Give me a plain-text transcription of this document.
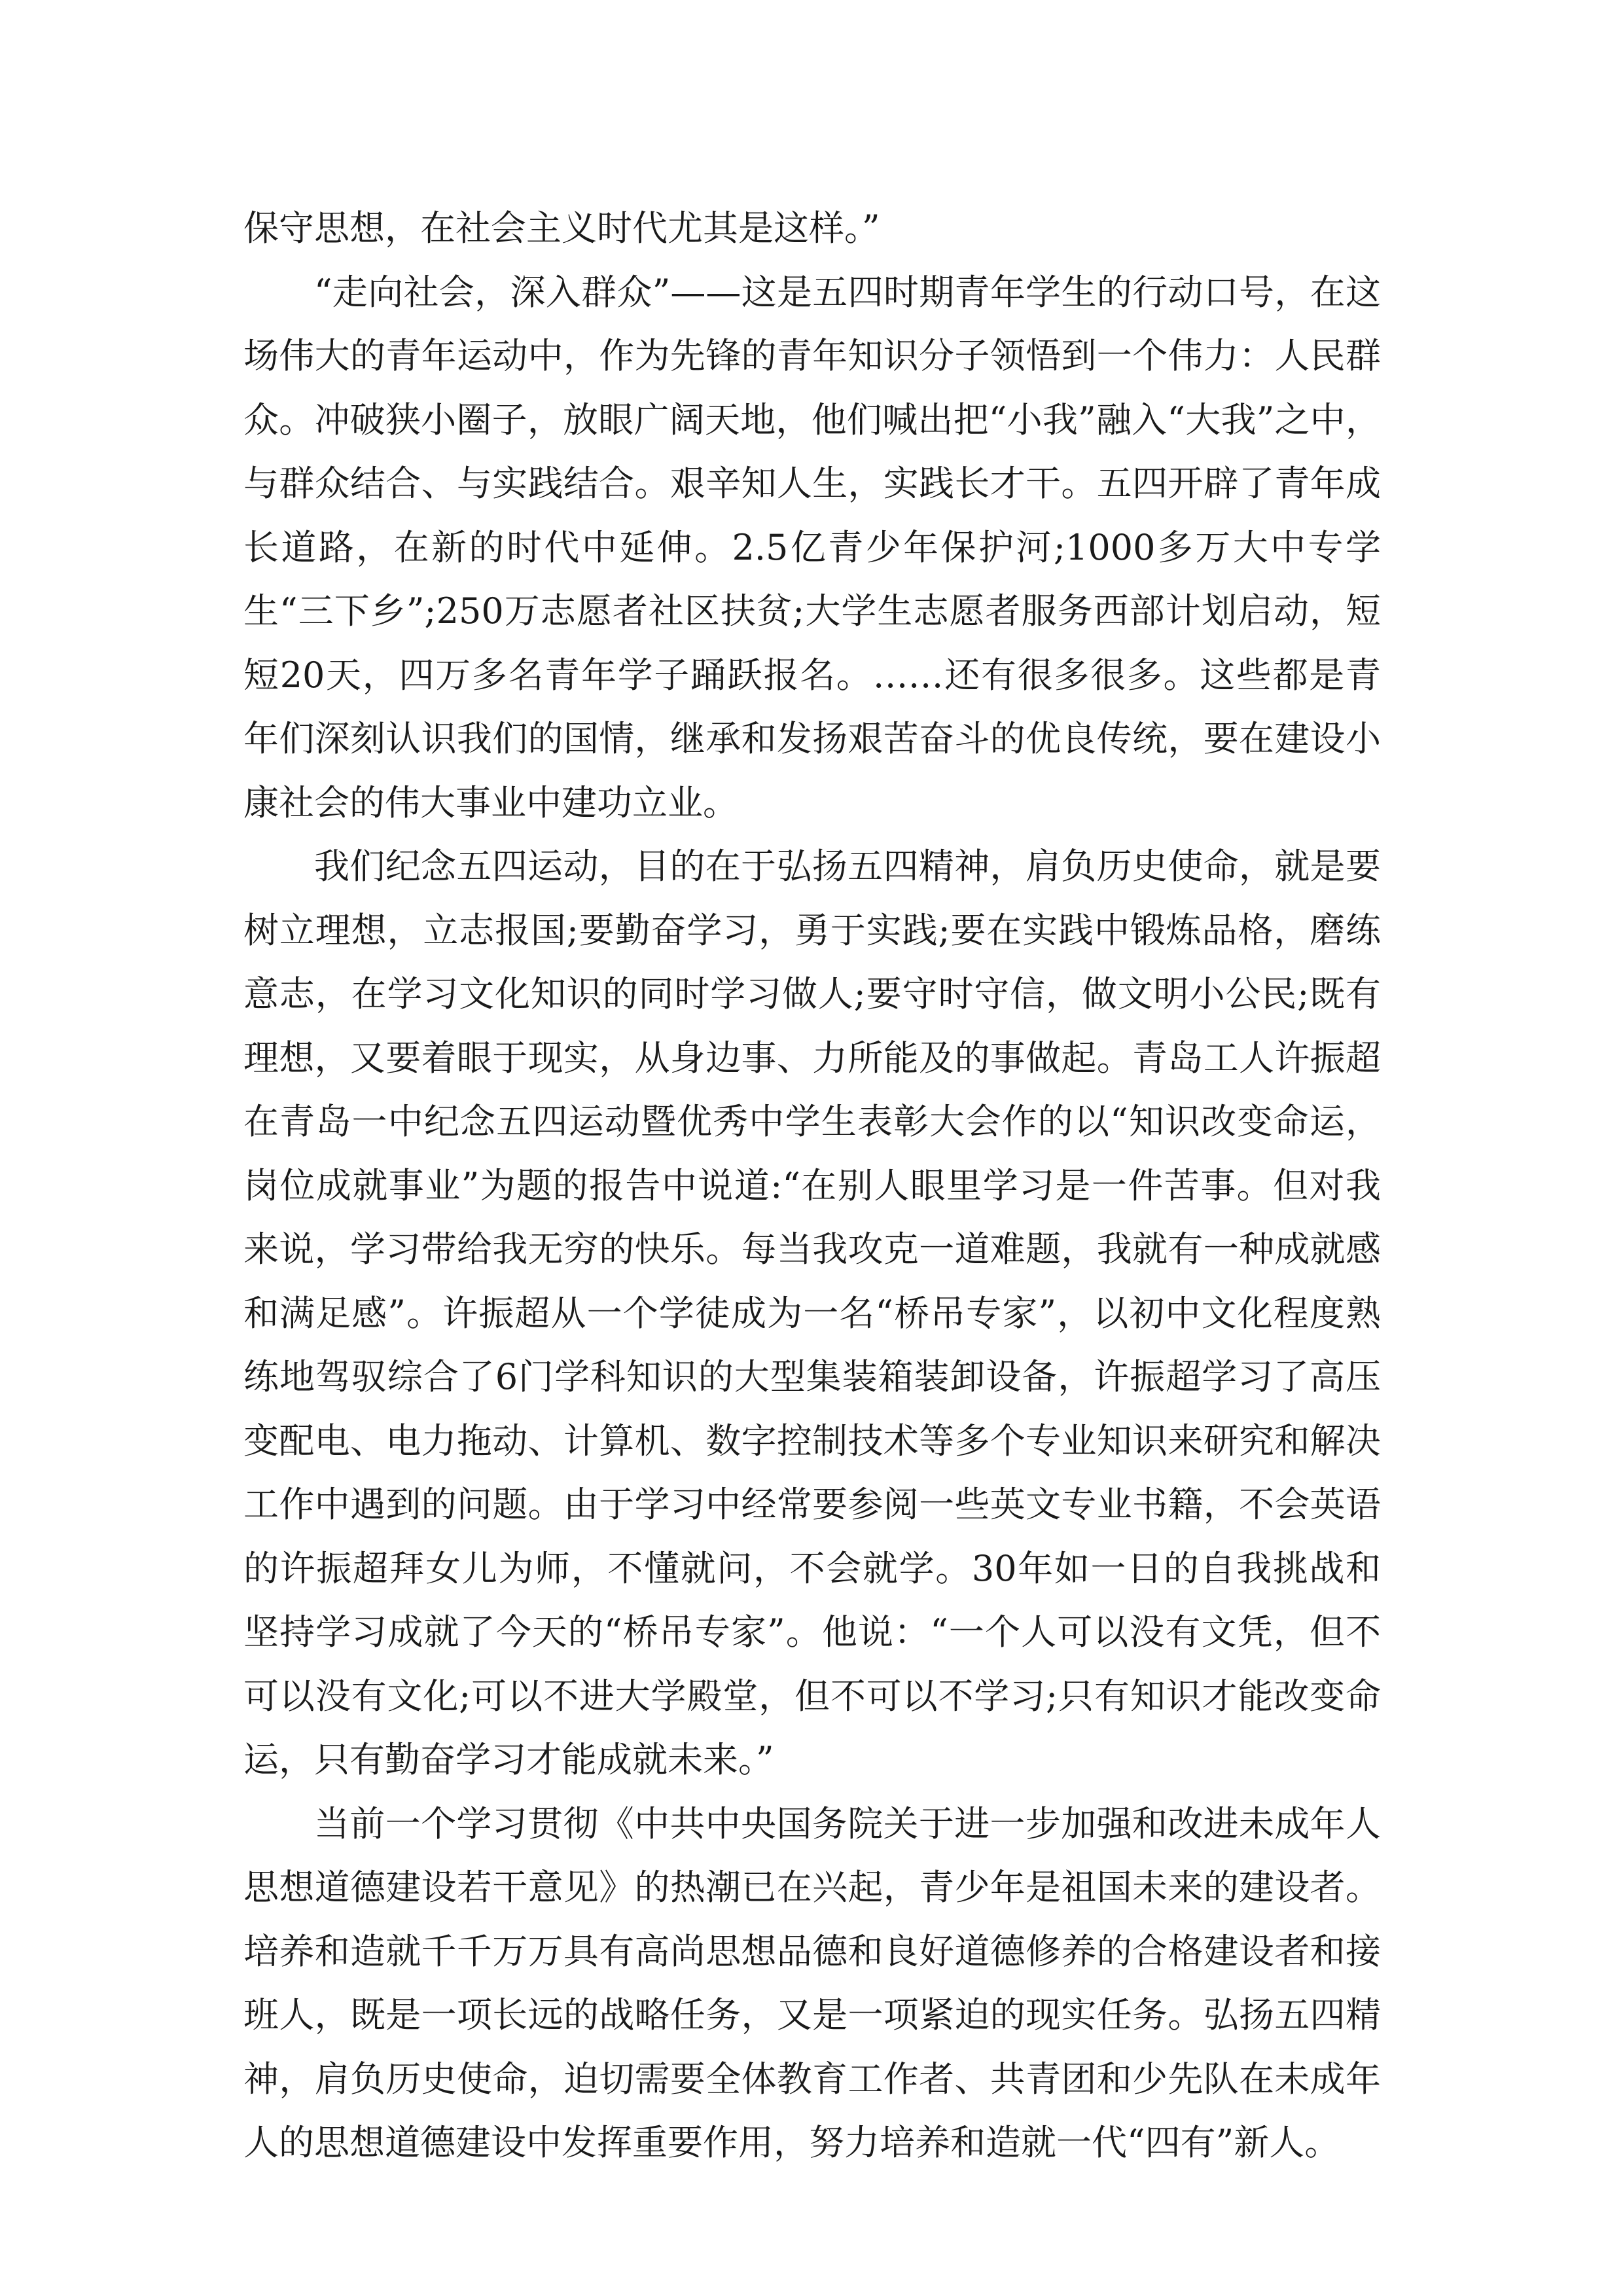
保守思想，在社会主义时代尤其是这样。”

“走向社会，深入群众”——这是五四时期青年学生的行动口号，在这场伟大的青年运动中，作为先锋的青年知识分子领悟到一个伟力：人民群众。冲破狭小圈子，放眼广阔天地，他们喊出把“小我”融入“大我”之中，与群众结合、与实践结合。艰辛知人生，实践长才干。五四开辟了青年成长道路，在新的时代中延伸。2.5亿青少年保护河;1000多万大中专学生“三下乡”;250万志愿者社区扶贫;大学生志愿者服务西部计划启动，短短20天，四万多名青年学子踊跃报名。……还有很多很多。这些都是青年们深刻认识我们的国情，继承和发扬艰苦奋斗的优良传统，要在建设小康社会的伟大事业中建功立业。

我们纪念五四运动，目的在于弘扬五四精神，肩负历史使命，就是要树立理想，立志报国;要勤奋学习，勇于实践;要在实践中锻炼品格，磨练意志，在学习文化知识的同时学习做人;要守时守信，做文明小公民;既有理想，又要着眼于现实，从身边事、力所能及的事做起。青岛工人许振超在青岛一中纪念五四运动暨优秀中学生表彰大会作的以“知识改变命运，岗位成就事业”为题的报告中说道:“在别人眼里学习是一件苦事。但对我来说，学习带给我无穷的快乐。每当我攻克一道难题，我就有一种成就感和满足感”。许振超从一个学徒成为一名“桥吊专家”，以初中文化程度熟练地驾驭综合了6门学科知识的大型集装箱装卸设备，许振超学习了高压变配电、电力拖动、计算机、数字控制技术等多个专业知识来研究和解决工作中遇到的问题。由于学习中经常要参阅一些英文专业书籍，不会英语的许振超拜女儿为师，不懂就问，不会就学。30年如一日的自我挑战和坚持学习成就了今天的“桥吊专家”。他说：“一个人可以没有文凭，但不可以没有文化;可以不进大学殿堂，但不可以不学习;只有知识才能改变命运，只有勤奋学习才能成就未来。”

当前一个学习贯彻《中共中央国务院关于进一步加强和改进未成年人思想道德建设若干意见》的热潮已在兴起，青少年是祖国未来的建设者。培养和造就千千万万具有高尚思想品德和良好道德修养的合格建设者和接班人，既是一项长远的战略任务，又是一项紧迫的现实任务。弘扬五四精神，肩负历史使命，迫切需要全体教育工作者、共青团和少先队在未成年人的思想道德建设中发挥重要作用，努力培养和造就一代“四有”新人。
